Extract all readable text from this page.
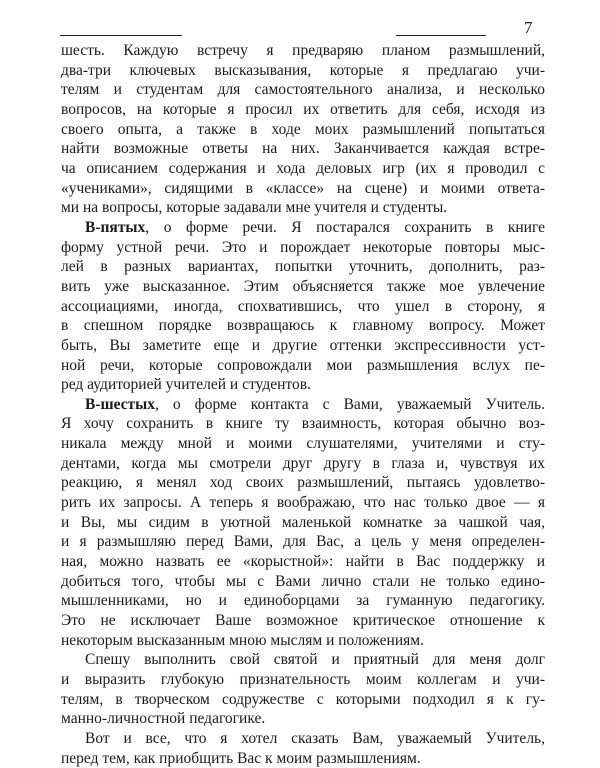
7
шесть. Каждую встречу я предваряю планом размышлений,
два-три ключевых высказывания, которые я предлагаю учи-
телям и студентам для самостоятельного анализа, и несколько
вопросов, на которые я просил их ответить для себя, исходя из
своего опыта, а также в ходе моих размышлений попытаться
найти возможные ответы на них. Заканчивается каждая встре-
ча описанием содержания и хода деловых игр (их я проводил с
«учениками», сидящими в «классе» на сцене) и моими ответа-
ми на вопросы, которые задавали мне учителя и студенты.
В-пятых, о форме речи. Я постарался сохранить в книге
форму устной речи. Это и порождает некоторые повторы мыс-
лей в разных вариантах, попытки уточнить, дополнить, раз-
вить уже высказанное. Этим объясняется также мое увлечение
ассоциациями, иногда, спохватившись, что ушел в сторону, я
в спешном порядке возвращаюсь к главному вопросу. Может
быть, Вы заметите еще и другие оттенки экспрессивности уст-
ной речи, которые сопровождали мои размышления вслух пе-
ред аудиторией учителей и студентов.
В-шестых, о форме контакта с Вами, уважаемый Учитель.
Я хочу сохранить в книге ту взаимность, которая обычно воз-
никала между мной и моими слушателями, учителями и сту-
дентами, когда мы смотрели друг другу в глаза и, чувствуя их
реакцию, я менял ход своих размышлений, пытаясь удовлетво-
рить их запросы. А теперь я воображаю, что нас только двое — я
и Вы, мы сидим в уютной маленькой комнатке за чашкой чая,
и я размышляю перед Вами, для Вас, а цель у меня определен-
ная, можно назвать ее «корыстной»: найти в Вас поддержку и
добиться того, чтобы мы с Вами лично стали не только едино-
мышленниками, но и единоборцами за гуманную педагогику.
Это не исключает Ваше возможное критическое отношение к
некоторым высказанным мною мыслям и положениям.
Спешу выполнить свой святой и приятный для меня долг
и выразить глубокую признательность моим коллегам и учи-
телям, в творческом содружестве с которыми подходил я к гу-
манно-личностной педагогике.
Вот и все, что я хотел сказать Вам, уважаемый Учитель,
перед тем, как приобщить Вас к моим размышлениям.
